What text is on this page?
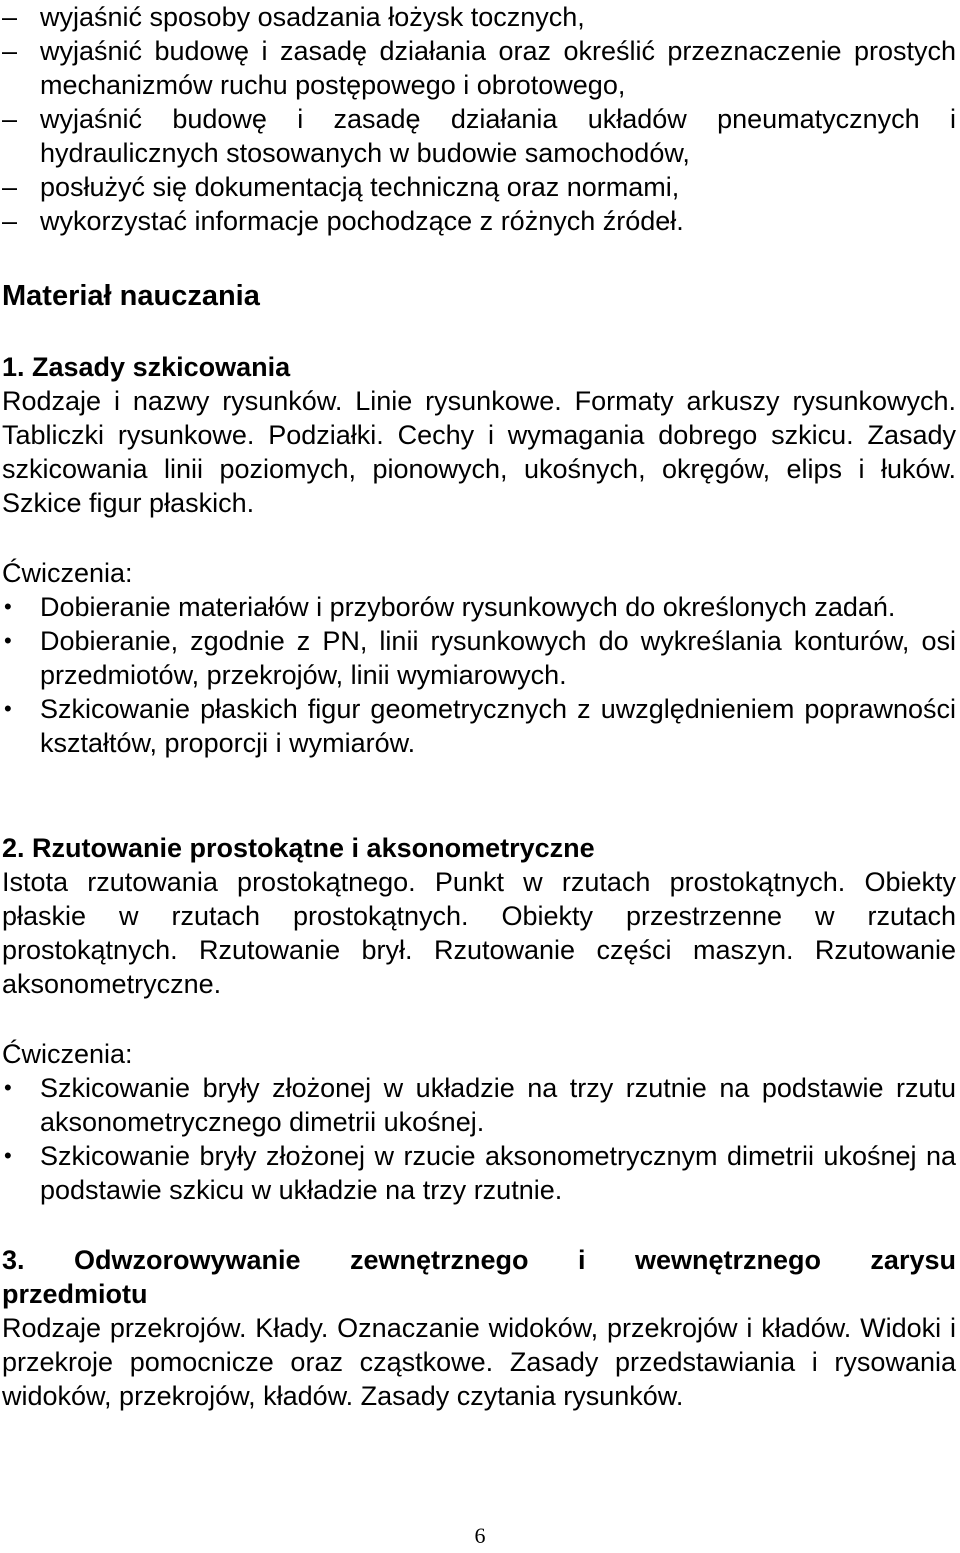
– wyjaśnić sposoby osadzania łożysk tocznych,
– wyjaśnić budowę i zasadę działania oraz określić przeznaczenie prostych mechanizmów ruchu postępowego i obrotowego,
– wyjaśnić budowę i zasadę działania układów pneumatycznych i hydraulicznych stosowanych w budowie samochodów,
– posłużyć się dokumentacją techniczną oraz normami,
– wykorzystać informacje pochodzące z różnych źródeł.
Materiał nauczania
1. Zasady szkicowania
Rodzaje i nazwy rysunków. Linie rysunkowe. Formaty arkuszy rysunkowych. Tabliczki rysunkowe. Podziałki. Cechy i wymagania dobrego szkicu. Zasady szkicowania linii poziomych, pionowych, ukośnych, okręgów, elips i łuków. Szkice figur płaskich.
Ćwiczenia:
•	Dobieranie materiałów i przyborów rysunkowych do określonych zadań.
•	Dobieranie, zgodnie z PN, linii rysunkowych do wykreślania konturów, osi przedmiotów, przekrojów, linii wymiarowych.
•	Szkicowanie płaskich figur geometrycznych z uwzględnieniem poprawności kształtów, proporcji i wymiarów.
2. Rzutowanie prostokątne i aksonometryczne
Istota rzutowania prostokątnego. Punkt w rzutach prostokątnych. Obiekty płaskie w rzutach prostokątnych. Obiekty przestrzenne w rzutach prostokątnych. Rzutowanie brył. Rzutowanie części maszyn. Rzutowanie aksonometryczne.
Ćwiczenia:
•	Szkicowanie bryły złożonej w układzie na trzy rzutnie na podstawie rzutu aksonometrycznego dimetrii ukośnej.
•	Szkicowanie bryły złożonej w rzucie aksonometrycznym dimetrii ukośnej na podstawie szkicu w układzie na trzy rzutnie.
3. Odwzorowywanie zewnętrznego i wewnętrznego zarysu
przedmiotu
Rodzaje przekrojów. Kłady. Oznaczanie widoków, przekrojów i kładów. Widoki i przekroje pomocnicze oraz cząstkowe. Zasady przedstawiania i rysowania widoków, przekrojów, kładów. Zasady czytania rysunków.
6
